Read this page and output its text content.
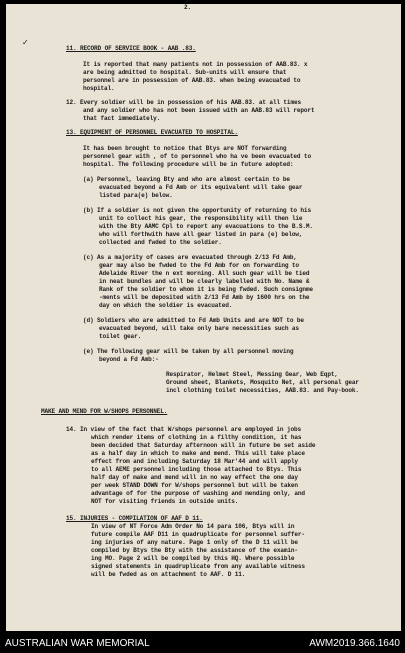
2.
11. RECORD OF SERVICE BOOK - AAB .83.
It is reported that many patients not in possession of AAB.83. x
are being admitted to hospital. Sub-units will ensure that
personnel are in possession of AAB.83. when being evacuated to
hospital.
12. Every soldier will be in possession of his AAB.83. at all times
and any soldier who has not been issued with an AAB.83 will report
that fact immediately.
13. EQUIPMENT OF PERSONNEL EVACUATED TO HOSPITAL.
It has been brought to notice that Btys are NOT forwarding
personnel gear with , of to personnel who ha ve been evacuated to
hospital. The following procedure will be in future adopted:
(a) Personnel, leaving Bty and who are almost certain to be
evacuated beyond a Fd Amb or its equivalent will take gear
listed para(e) below.
(b) If a soldier is not given the opportunity of returning to his
unit to collect his gear, the responsibility will then lie
with the Bty AAMC Cpl to report any evacuations to the B.S.M.
who will forthwith have all gear listed in para (e) below,
collected and fwded to the soldier.
(c) As a majority of cases are evacuated through 2/13 Fd Amb,
gear may also be fwded to the Fd Amb for on forwarding to
Adelaide River the n ext morning. All such gear will be tied
in neat bundles and will be clearly labelled with No. Name &
Rank of the soldier to whom it is being fwded. Such consignme
-ments will be deposited with 2/13 Fd Amb by 1600 hrs on the
day on which the soldier is evacuated.
(d) Soldiers who are admitted to Fd Amb Units and are NOT to be
evacuated beyond, will take only bare necessities such as
toilet gear.
(e) The following gear will be taken by all personnel moving
beyond a Fd Amb:-
Respirator, Helmet Steel, Messing Gear, Web Eqpt,
Ground sheet, Blankets, Mosquito Net, all personal gear
incl clothing toilet necessities, AAB.83. and Pay-book.
MAKE AND MEND FOR W/SHOPS PERSONNEL.
14. In view of the fact that W/shops personnel are employed in jobs
which render items of clothing in a filthy condition, it has
been decided that Saturday afternoon will in future be set aside
as a half day in which to make and mend. This will take place
effect from and including Saturday 18 Mar'44 and will apply
to all AEME personnel including those attached to Btys. This
half day of make and mend will in no way effect the one day
per week STAND DOWN for W/shops personnel but will be taken
advantage of for the purpose of washing and mending only, and
NOT for visiting friends in outside units.
15. INJURIES - COMPILATION OF AAF D 11.
In view of NT Force Adm Order No 14 para 106, Btys will in
future compile AAF D11 in quadruplicate for personnel suffer-
ing injuries of any nature. Page 1 only of the D 11 will be
compiled by Btys the Bty with the assistance of the examin-
ing MO. Page 2 will be compiled by this HQ. Where possible
signed statements in quadruplicate from any available witness
will be fwded as on attachment to AAF. D 11.
✓
AUSTRALIAN WAR MEMORIAL	AWM2019.366.1640
